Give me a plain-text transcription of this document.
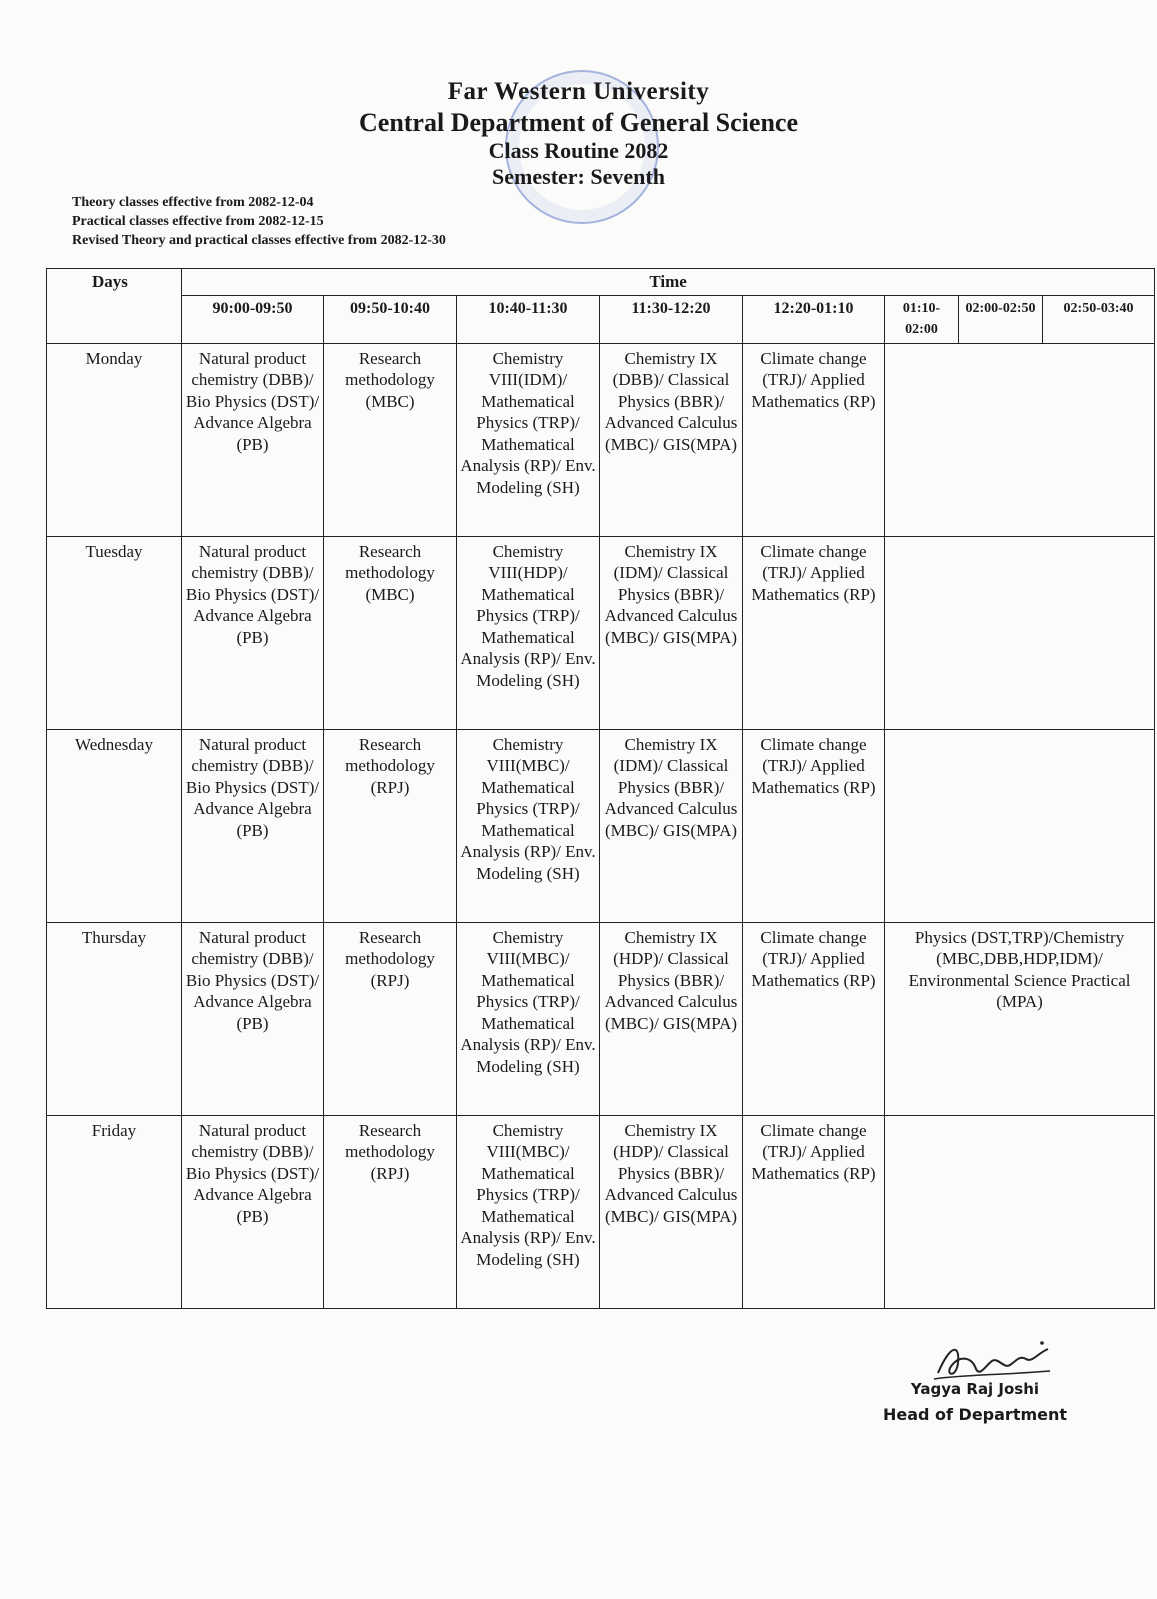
Far Western University
Central Department of General Science
Class Routine 2082
Semester: Seventh
Theory classes effective from 2082-12-04
Practical classes effective from 2082-12-15
Revised Theory and practical classes effective from 2082-12-30
Days	Time							
	90:00-09:50	09:50-10:40	10:40-11:30	11:30-12:20	12:20-01:10	01:10-02:00	02:00-02:50	02:50-03:40
Monday	Natural product chemistry (DBB)/ Bio Physics (DST)/ Advance Algebra (PB)	Research methodology (MBC)	Chemistry VIII(IDM)/ Mathematical Physics (TRP)/ Mathematical Analysis (RP)/ Env. Modeling (SH)	Chemistry IX (DBB)/ Classical Physics (BBR)/ Advanced Calculus (MBC)/ GIS(MPA)	Climate change (TRJ)/ Applied Mathematics (RP)			
Tuesday	Natural product chemistry (DBB)/ Bio Physics (DST)/ Advance Algebra (PB)	Research methodology (MBC)	Chemistry VIII(HDP)/ Mathematical Physics (TRP)/ Mathematical Analysis (RP)/ Env. Modeling (SH)	Chemistry IX (IDM)/ Classical Physics (BBR)/ Advanced Calculus (MBC)/ GIS(MPA)	Climate change (TRJ)/ Applied Mathematics (RP)			
Wednesday	Natural product chemistry (DBB)/ Bio Physics (DST)/ Advance Algebra (PB)	Research methodology (RPJ)	Chemistry VIII(MBC)/ Mathematical Physics (TRP)/ Mathematical Analysis (RP)/ Env. Modeling (SH)	Chemistry IX (IDM)/ Classical Physics (BBR)/ Advanced Calculus (MBC)/ GIS(MPA)	Climate change (TRJ)/ Applied Mathematics (RP)			
Thursday	Natural product chemistry (DBB)/ Bio Physics (DST)/ Advance Algebra (PB)	Research methodology (RPJ)	Chemistry VIII(MBC)/ Mathematical Physics (TRP)/ Mathematical Analysis (RP)/ Env. Modeling (SH)	Chemistry IX (HDP)/ Classical Physics (BBR)/ Advanced Calculus (MBC)/ GIS(MPA)	Climate change (TRJ)/ Applied Mathematics (RP)	Physics (DST,TRP)/Chemistry (MBC,DBB,HDP,IDM)/ Environmental Science Practical (MPA)		
Friday	Natural product chemistry (DBB)/ Bio Physics (DST)/ Advance Algebra (PB)	Research methodology (RPJ)	Chemistry VIII(MBC)/ Mathematical Physics (TRP)/ Mathematical Analysis (RP)/ Env. Modeling (SH)	Chemistry IX (HDP)/ Classical Physics (BBR)/ Advanced Calculus (MBC)/ GIS(MPA)	Climate change (TRJ)/ Applied Mathematics (RP)			
Yagya Raj Joshi
Head of Department
